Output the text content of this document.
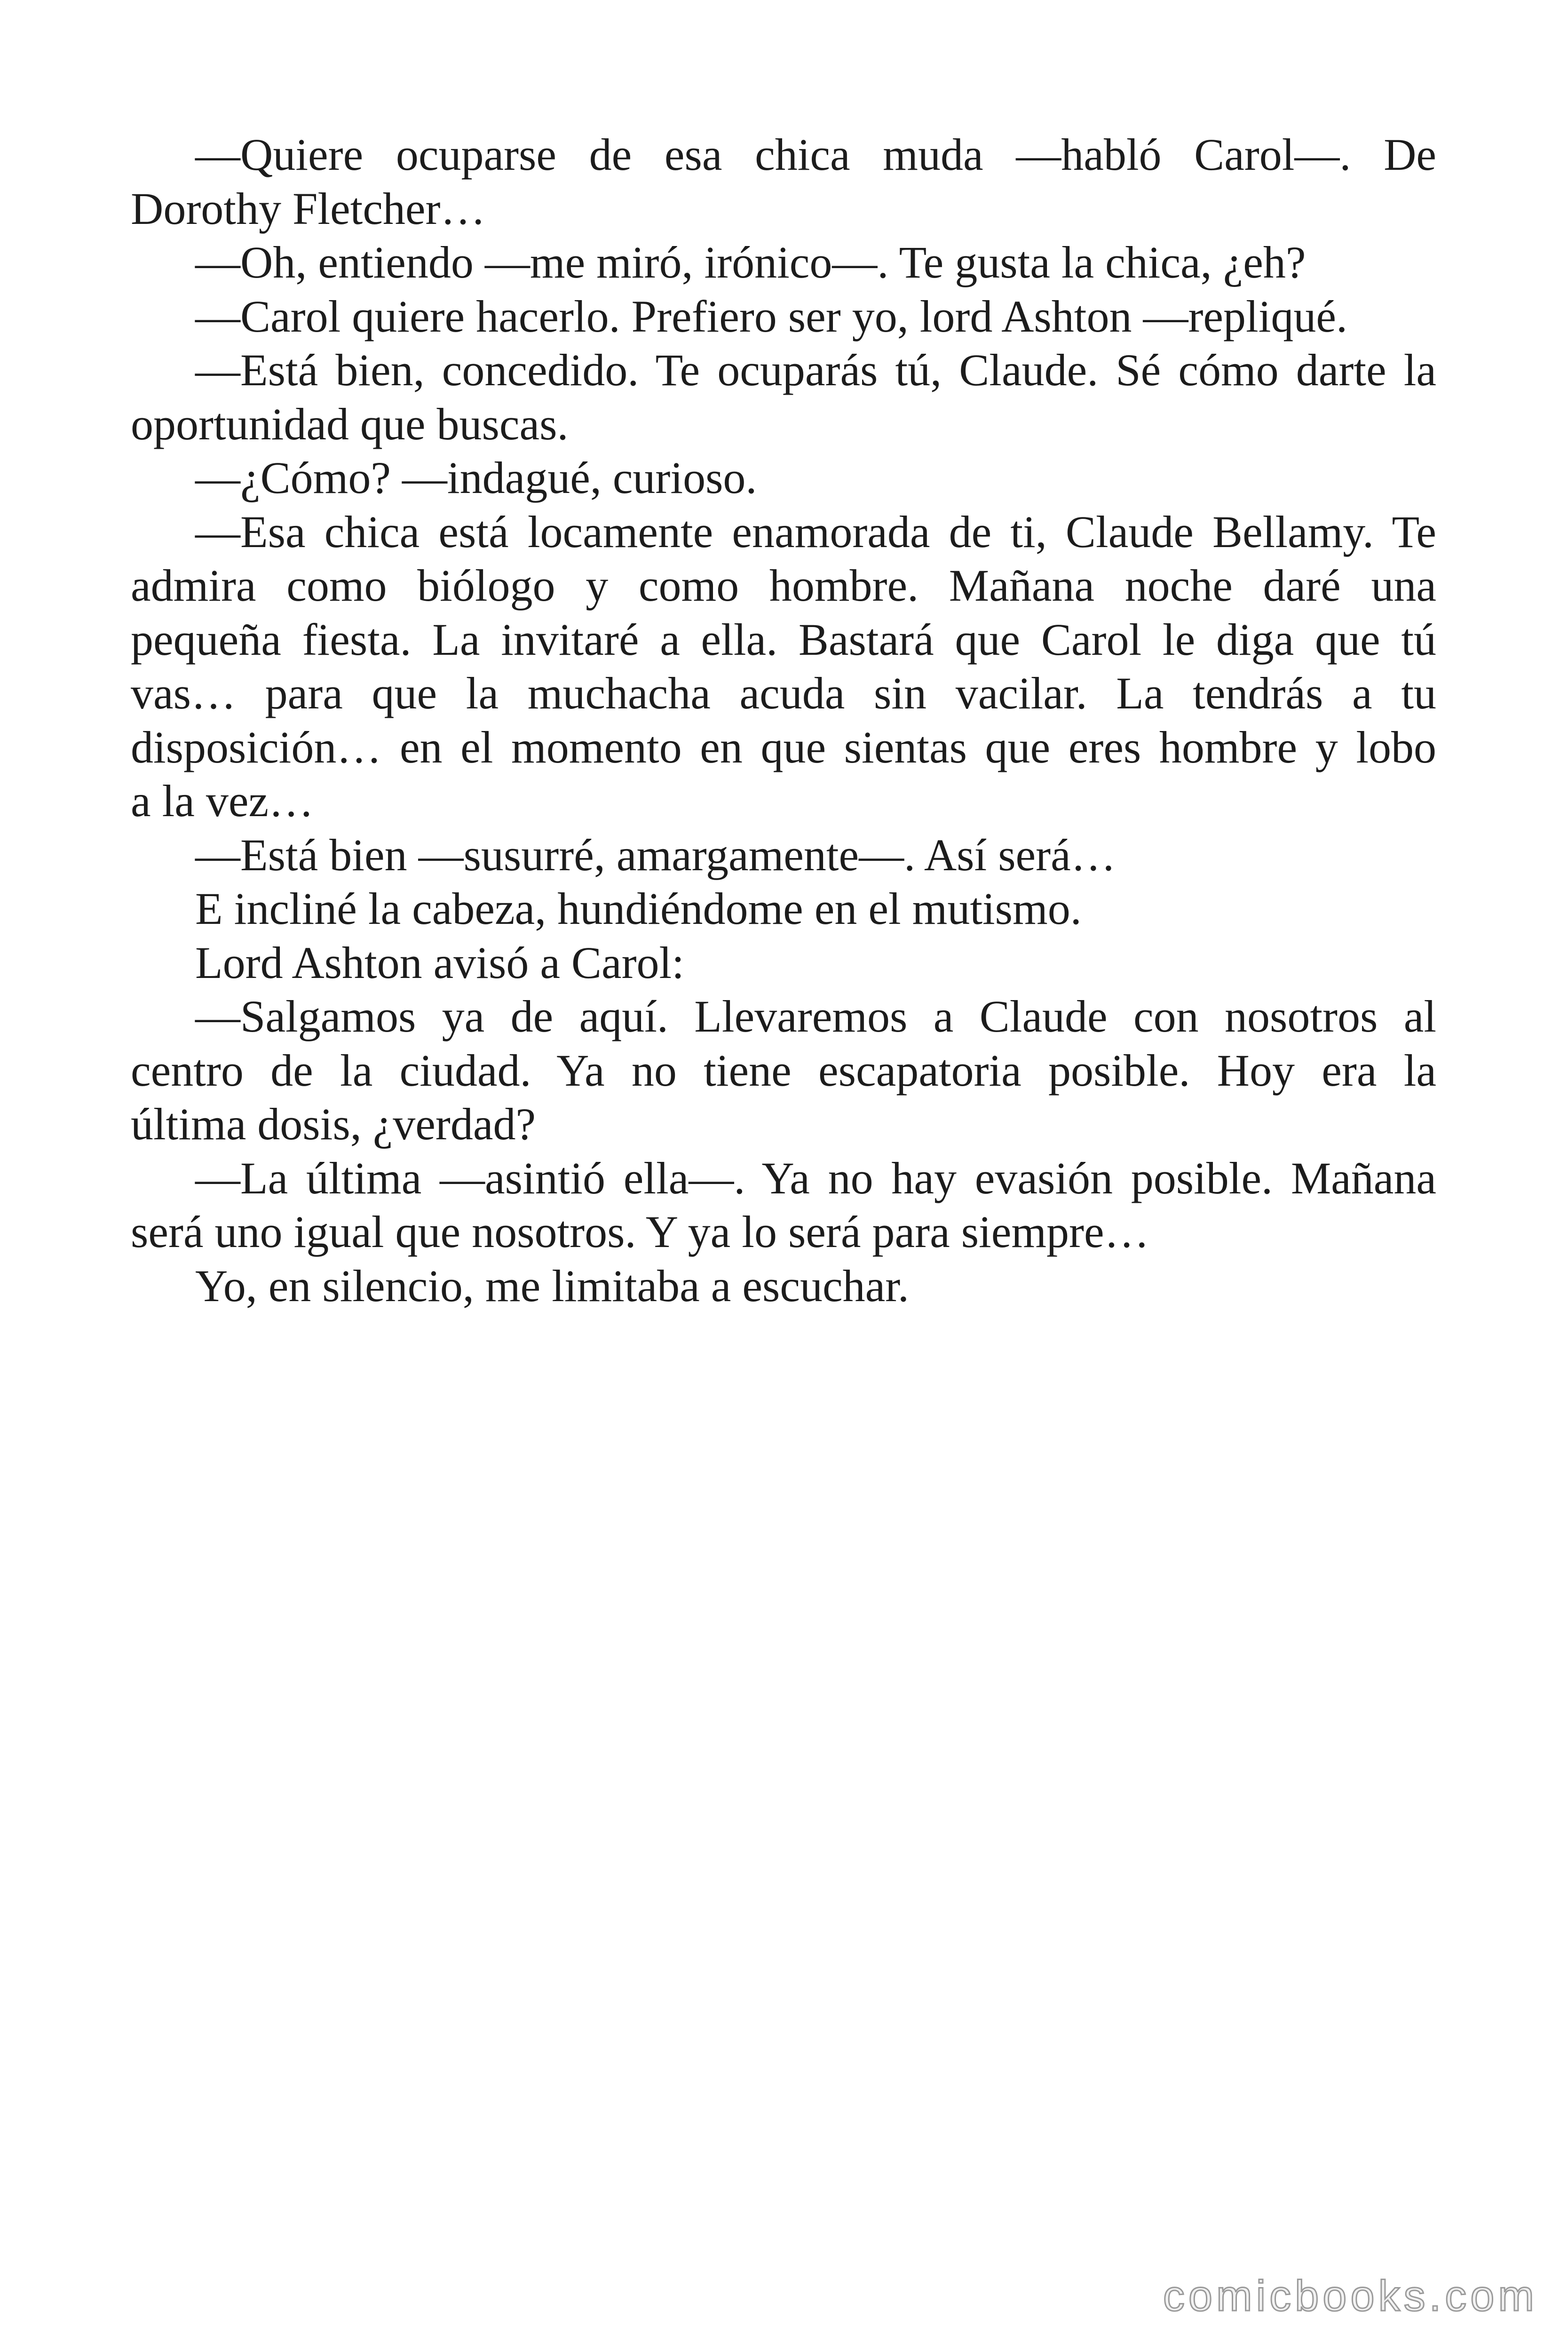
—Quiere ocuparse de esa chica muda —habló Carol—. De
Dorothy Fletcher…
—Oh, entiendo —me miró, irónico—. Te gusta la chica, ¿eh?
—Carol quiere hacerlo. Prefiero ser yo, lord Ashton —repliqué.
—Está bien, concedido. Te ocuparás tú, Claude. Sé cómo darte la
oportunidad que buscas.
—¿Cómo? —indagué, curioso.
—Esa chica está locamente enamorada de ti, Claude Bellamy. Te
admira como biólogo y como hombre. Mañana noche daré una
pequeña fiesta. La invitaré a ella. Bastará que Carol le diga que tú
vas… para que la muchacha acuda sin vacilar. La tendrás a tu
disposición… en el momento en que sientas que eres hombre y lobo
a la vez…
—Está bien —susurré, amargamente—. Así será…
E incliné la cabeza, hundiéndome en el mutismo.
Lord Ashton avisó a Carol:
—Salgamos ya de aquí. Llevaremos a Claude con nosotros al
centro de la ciudad. Ya no tiene escapatoria posible. Hoy era la
última dosis, ¿verdad?
—La última —asintió ella—. Ya no hay evasión posible. Mañana
será uno igual que nosotros. Y ya lo será para siempre…
Yo, en silencio, me limitaba a escuchar.
comicbooks.com
